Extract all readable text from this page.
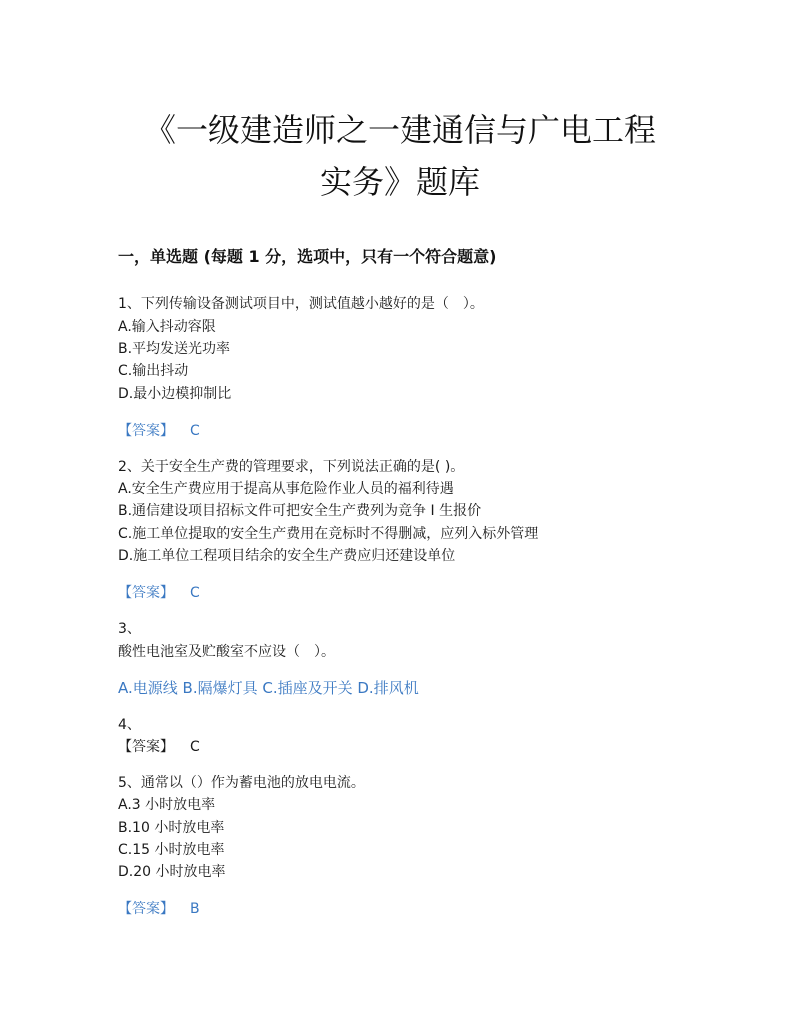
《一级建造师之一建通信与广电工程
实务》题库
一，单选题 (每题 1 分，选项中，只有一个符合题意)
1、下列传输设备测试项目中，测试值越小越好的是（　）。
A.输入抖动容限
B.平均发送光功率
C.输出抖动
D.最小边模抑制比
【答案】 C
2、关于安全生产费的管理要求，下列说法正确的是( )。
A.安全生产费应用于提高从事危险作业人员的福利待遇
B.通信建设项目招标文件可把安全生产费列为竞争 I 生报价
C.施工单位提取的安全生产费用在竞标时不得删减，应列入标外管理
D.施工单位工程项目结余的安全生产费应归还建设单位
【答案】 C
3、
酸性电池室及贮酸室不应设（　）。
A.电源线 B.隔爆灯具 C.插座及开关 D.排风机
4、
【答案】 C
5、通常以（）作为蓄电池的放电电流。
A.3 小时放电率
B.10 小时放电率
C.15 小时放电率
D.20 小时放电率
【答案】 B
